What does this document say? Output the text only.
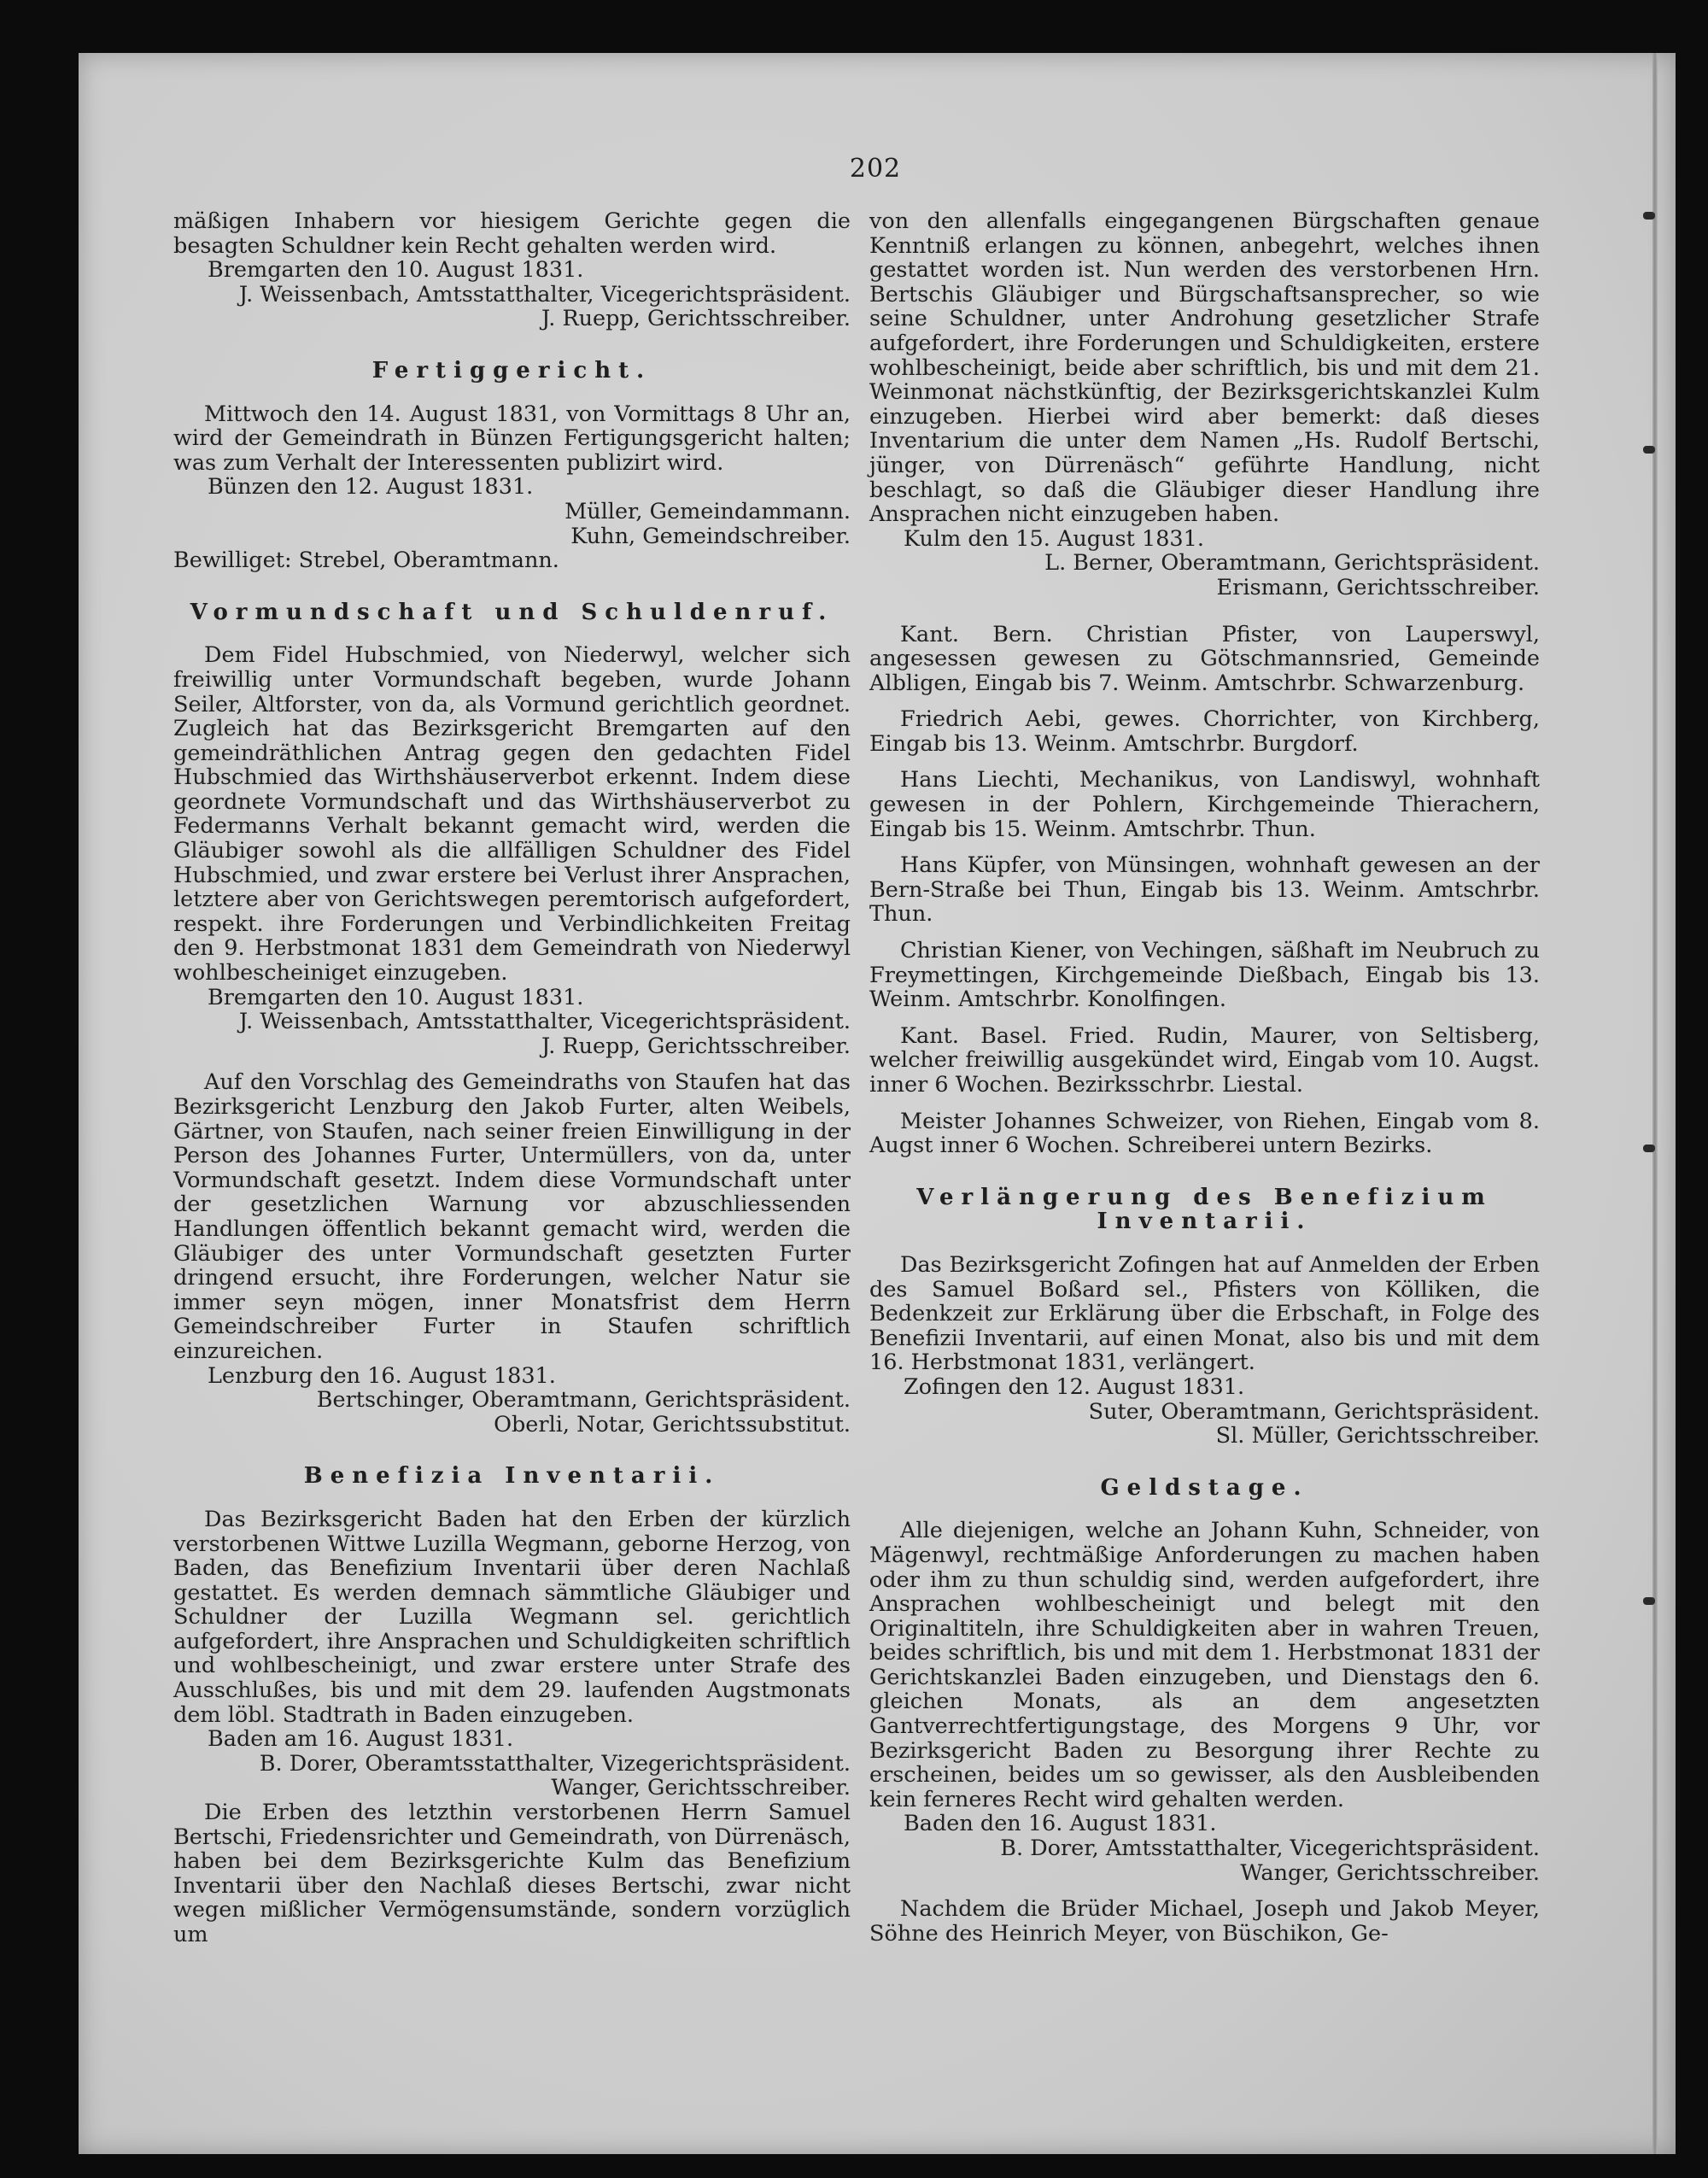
202

mäßigen Inhabern vor hiesigem Gerichte gegen die besagten Schuldner kein Recht gehalten werden wird.

Bremgarten den 10. August 1831.

J. Weissenbach, Amtsstatthalter, Vicegerichtspräsident.

J. Ruepp, Gerichtsschreiber.

Fertiggericht.

Mittwoch den 14. August 1831, von Vormittags 8 Uhr an, wird der Gemeindrath in Bünzen Fertigungsgericht halten; was zum Verhalt der Interessenten publizirt wird.

Bünzen den 12. August 1831.

Müller, Gemeindammann.

Kuhn, Gemeindschreiber.

Bewilliget: Strebel, Oberamtmann.

Vormundschaft und Schuldenruf.

Dem Fidel Hubschmied, von Niederwyl, welcher sich freiwillig unter Vormundschaft begeben, wurde Johann Seiler, Altforster, von da, als Vormund gerichtlich geordnet. Zugleich hat das Bezirksgericht Bremgarten auf den gemeindräthlichen Antrag gegen den gedachten Fidel Hubschmied das Wirthshäuserverbot erkennt. Indem diese geordnete Vormundschaft und das Wirthshäuserverbot zu Federmanns Verhalt bekannt gemacht wird, werden die Gläubiger sowohl als die allfälligen Schuldner des Fidel Hubschmied, und zwar erstere bei Verlust ihrer Ansprachen, letztere aber von Gerichtswegen peremtorisch aufgefordert, respekt. ihre Forderungen und Verbindlichkeiten Freitag den 9. Herbstmonat 1831 dem Gemeindrath von Niederwyl wohlbescheiniget einzugeben.

Bremgarten den 10. August 1831.

J. Weissenbach, Amtsstatthalter, Vicegerichtspräsident.

J. Ruepp, Gerichtsschreiber.

Auf den Vorschlag des Gemeindraths von Staufen hat das Bezirksgericht Lenzburg den Jakob Furter, alten Weibels, Gärtner, von Staufen, nach seiner freien Einwilligung in der Person des Johannes Furter, Untermüllers, von da, unter Vormundschaft gesetzt. Indem diese Vormundschaft unter der gesetzlichen Warnung vor abzuschliessenden Handlungen öffentlich bekannt gemacht wird, werden die Gläubiger des unter Vormundschaft gesetzten Furter dringend ersucht, ihre Forderungen, welcher Natur sie immer seyn mögen, inner Monatsfrist dem Herrn Gemeindschreiber Furter in Staufen schriftlich einzureichen.

Lenzburg den 16. August 1831.

Bertschinger, Oberamtmann, Gerichtspräsident.

Oberli, Notar, Gerichtssubstitut.

Benefizia Inventarii.

Das Bezirksgericht Baden hat den Erben der kürzlich verstorbenen Wittwe Luzilla Wegmann, geborne Herzog, von Baden, das Benefizium Inventarii über deren Nachlaß gestattet. Es werden demnach sämmtliche Gläubiger und Schuldner der Luzilla Wegmann sel. gerichtlich aufgefordert, ihre Ansprachen und Schuldigkeiten schriftlich und wohlbescheinigt, und zwar erstere unter Strafe des Ausschlußes, bis und mit dem 29. laufenden Augstmonats dem löbl. Stadtrath in Baden einzugeben.

Baden am 16. August 1831.

B. Dorer, Oberamtsstatthalter, Vizegerichtspräsident.

Wanger, Gerichtsschreiber.

Die Erben des letzthin verstorbenen Herrn Samuel Bertschi, Friedensrichter und Gemeindrath, von Dürrenäsch, haben bei dem Bezirksgerichte Kulm das Benefizium Inventarii über den Nachlaß dieses Bertschi, zwar nicht wegen mißlicher Vermögensumstände, sondern vorzüglich um

von den allenfalls eingegangenen Bürgschaften genaue Kenntniß erlangen zu können, anbegehrt, welches ihnen gestattet worden ist. Nun werden des verstorbenen Hrn. Bertschis Gläubiger und Bürgschaftsansprecher, so wie seine Schuldner, unter Androhung gesetzlicher Strafe aufgefordert, ihre Forderungen und Schuldigkeiten, erstere wohlbescheinigt, beide aber schriftlich, bis und mit dem 21. Weinmonat nächstkünftig, der Bezirksgerichtskanzlei Kulm einzugeben. Hierbei wird aber bemerkt: daß dieses Inventarium die unter dem Namen „Hs. Rudolf Bertschi, jünger, von Dürrenäsch“ geführte Handlung, nicht beschlagt, so daß die Gläubiger dieser Handlung ihre Ansprachen nicht einzugeben haben.

Kulm den 15. August 1831.

L. Berner, Oberamtmann, Gerichtspräsident.

Erismann, Gerichtsschreiber.

Kant. Bern. Christian Pfister, von Lauperswyl, angesessen gewesen zu Götschmannsried, Gemeinde Albligen, Eingab bis 7. Weinm. Amtschrbr. Schwarzenburg.

Friedrich Aebi, gewes. Chorrichter, von Kirchberg, Eingab bis 13. Weinm. Amtschrbr. Burgdorf.

Hans Liechti, Mechanikus, von Landiswyl, wohnhaft gewesen in der Pohlern, Kirchgemeinde Thierachern, Eingab bis 15. Weinm. Amtschrbr. Thun.

Hans Küpfer, von Münsingen, wohnhaft gewesen an der Bern-Straße bei Thun, Eingab bis 13. Weinm. Amtschrbr. Thun.

Christian Kiener, von Vechingen, säßhaft im Neubruch zu Freymettingen, Kirchgemeinde Dießbach, Eingab bis 13. Weinm. Amtschrbr. Konolfingen.

Kant. Basel. Fried. Rudin, Maurer, von Seltisberg, welcher freiwillig ausgekündet wird, Eingab vom 10. Augst. inner 6 Wochen. Bezirksschrbr. Liestal.

Meister Johannes Schweizer, von Riehen, Eingab vom 8. Augst inner 6 Wochen. Schreiberei untern Bezirks.

Verlängerung des Benefizium Inventarii.

Das Bezirksgericht Zofingen hat auf Anmelden der Erben des Samuel Boßard sel., Pfisters von Kölliken, die Bedenkzeit zur Erklärung über die Erbschaft, in Folge des Benefizii Inventarii, auf einen Monat, also bis und mit dem 16. Herbstmonat 1831, verlängert.

Zofingen den 12. August 1831.

Suter, Oberamtmann, Gerichtspräsident.

Sl. Müller, Gerichtsschreiber.

Geldstage.

Alle diejenigen, welche an Johann Kuhn, Schneider, von Mägenwyl, rechtmäßige Anforderungen zu machen haben oder ihm zu thun schuldig sind, werden aufgefordert, ihre Ansprachen wohlbescheinigt und belegt mit den Originaltiteln, ihre Schuldigkeiten aber in wahren Treuen, beides schriftlich, bis und mit dem 1. Herbstmonat 1831 der Gerichtskanzlei Baden einzugeben, und Dienstags den 6. gleichen Monats, als an dem angesetzten Gantverrechtfertigungstage, des Morgens 9 Uhr, vor Bezirksgericht Baden zu Besorgung ihrer Rechte zu erscheinen, beides um so gewisser, als den Ausbleibenden kein ferneres Recht wird gehalten werden.

Baden den 16. August 1831.

B. Dorer, Amtsstatthalter, Vicegerichtspräsident.

Wanger, Gerichtsschreiber.

Nachdem die Brüder Michael, Joseph und Jakob Meyer, Söhne des Heinrich Meyer, von Büschikon, Ge-
